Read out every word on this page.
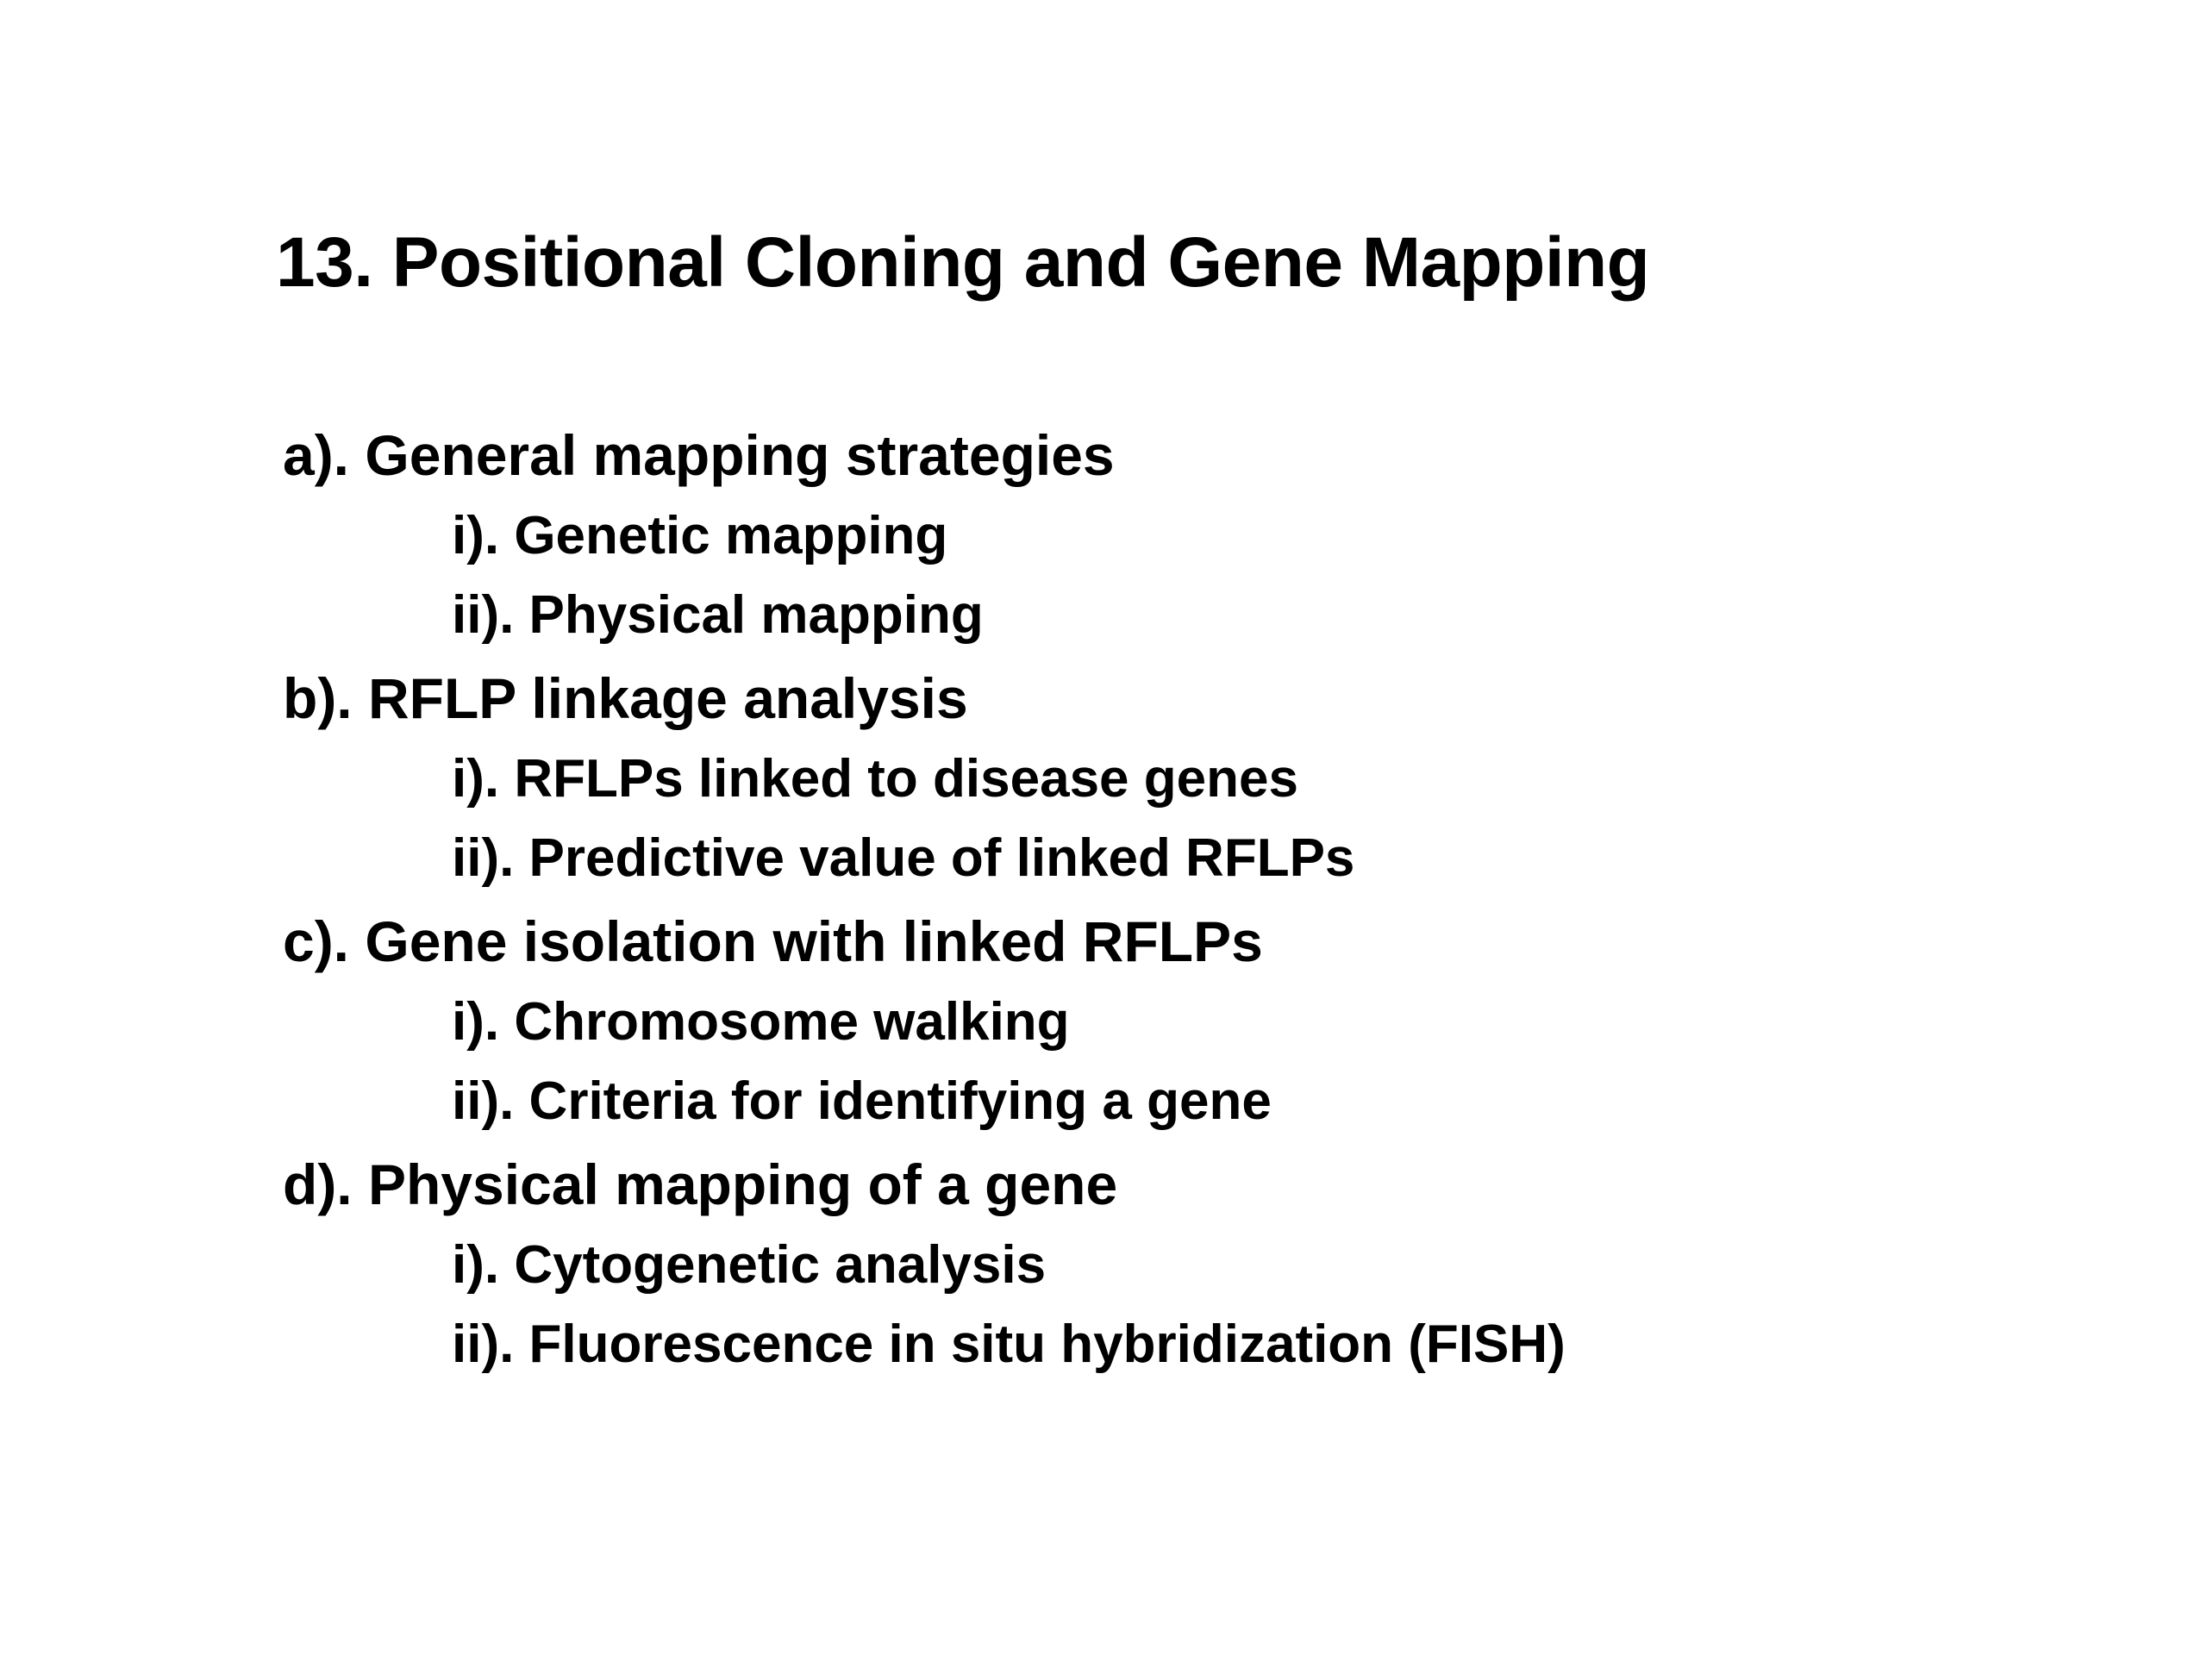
13. Positional Cloning and Gene Mapping
a). General mapping strategies
i). Genetic mapping
ii). Physical mapping
b). RFLP linkage analysis
i). RFLPs linked to disease genes
ii). Predictive value of linked RFLPs
c). Gene isolation with linked RFLPs
i). Chromosome walking
ii). Criteria for identifying a gene
d). Physical mapping of a gene
i). Cytogenetic analysis
ii). Fluorescence in situ hybridization (FISH)
